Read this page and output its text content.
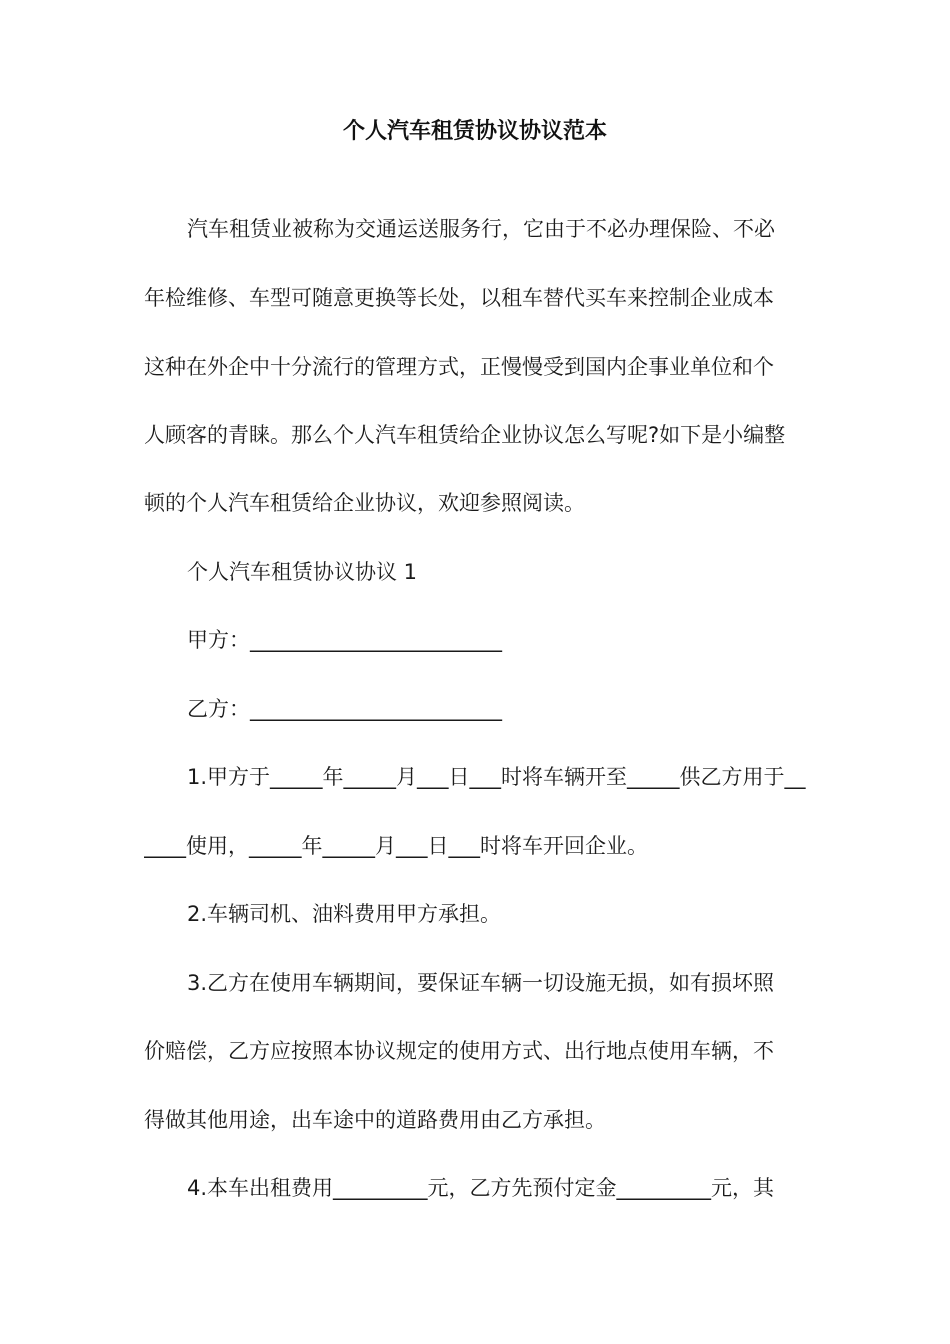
个人汽车租赁协议协议范本
汽车租赁业被称为交通运送服务行，它由于不必办理保险、不必
年检维修、车型可随意更换等长处，以租车替代买车来控制企业成本
这种在外企中十分流行的管理方式，正慢慢受到国内企事业单位和个
人顾客的青睐。那么个人汽车租赁给企业协议怎么写呢?如下是小编整
顿的个人汽车租赁给企业协议，欢迎参照阅读。
个人汽车租赁协议协议 1
甲方：________________________
乙方：________________________
1.甲方于_____年_____月___日___时将车辆开至_____供乙方用于__
____使用，_____年_____月___日___时将车开回企业。
2.车辆司机、油料费用甲方承担。
3.乙方在使用车辆期间，要保证车辆一切设施无损，如有损坏照
价赔偿，乙方应按照本协议规定的使用方式、出行地点使用车辆，不
得做其他用途，出车途中的道路费用由乙方承担。
4.本车出租费用_________元，乙方先预付定金_________元，其
